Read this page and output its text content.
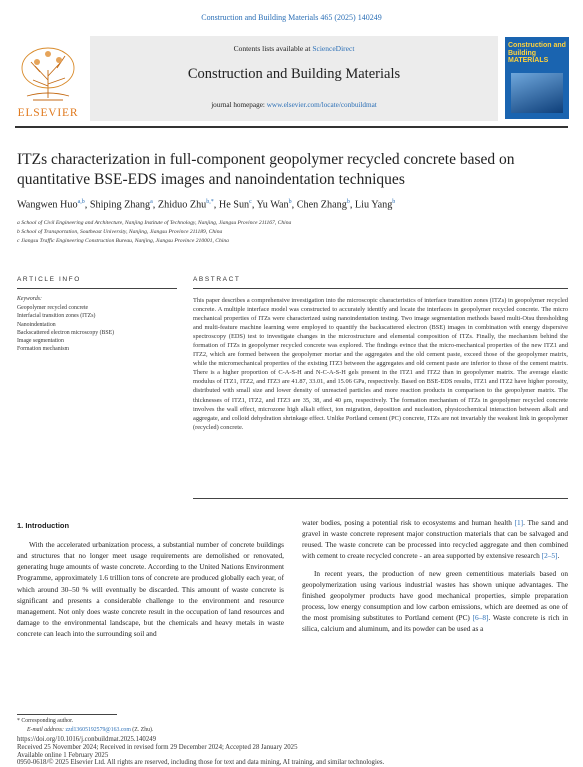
Construction and Building Materials 465 (2025) 140249
ELSEVIER
Contents lists available at ScienceDirect
Construction and Building Materials
journal homepage: www.elsevier.com/locate/conbuildmat
Construction and Building MATERIALS
ITZs characterization in full-component geopolymer recycled concrete based on quantitative BSE-EDS images and nanoindentation techniques
Wangwen Huo$^{a,b}$, Shiping Zhang$^a$, Zhiduo Zhu$^{b,*}$, He Sun$^c$, Yu Wan$^b$, Chen Zhang$^b$, Liu Yang$^b$
a School of Civil Engineering and Architecture, Nanjing Institute of Technology, Nanjing, Jiangsu Province 211167, China
b School of Transportation, Southeast University, Nanjing, Jiangsu Province 211189, China
c Jiangsu Traffic Engineering Construction Bureau, Nanjing, Jiangsu Province 210001, China
ARTICLE INFO	ABSTRACT
Keywords:
Geopolymer recycled concrete
Interfacial transition zones (ITZs)
Nanoindentation
Backscattered electron microscopy (BSE)
Image segmentation
Formation mechanism
This paper describes a comprehensive investigation into the microscopic characteristics of interface transition zones (ITZs) in geopolymer recycled concrete. A multiple interface model was constructed to accurately identify and locate the interfaces in geopolymer recycled concrete. The micro mechanical properties of ITZs were characterized using nanoindentation testing. Two image segmentation methods based multi-Otsu thresholding and multi-feature machine learning were employed to quantify the backscattered electron (BSE) images in combination with energy dispersive spectroscopy (EDS) test to investigate changes in the microstructure and elemental composition of ITZs. Finally, the mechanism behind the formation of ITZs in geopolymer recycled concrete was explored. The findings evince that the micro-mechanical properties of the new ITZ1 and ITZ2, which are formed between the geopolymer mortar and the aggregates and the old cement paste, exceed those of the geopolymer matrix, while the micromechanical properties of the existing ITZ3 between the aggregates and old cement paste are inferior to those of the cement matrix. There is a higher proportion of C-A-S-H and N-C-A-S-H gels present in the ITZ1 and ITZ2 than in geopolymer matrix. The average elastic modulus of ITZ1, ITZ2, and ITZ3 are 41.87, 33.01, and 15.06 GPa, respectively. Based on BSE-EDS results, ITZ1 and ITZ2 have higher porosity, distributed with small size and lower density of unreacted particles and more reaction products in comparison to the geopolymer matrix. The thicknesses of ITZ1, ITZ2, and ITZ3 are 35, 38, and 40 μm, respectively. The formation mechanism of ITZs in geopolymer recycled concrete involves the wall effect, microzone high alkali effect, ion migration, deposition and nucleation, physicochemical interaction between alkali and aggregate, and colloid dehydration shrinkage effect. Unlike Portland cement (PC) concrete, ITZs are not invariably the weakest link in geopolymer (recycled) concrete.
1. Introduction
With the accelerated urbanization process, a substantial number of concrete buildings and structures that no longer meet usage requirements are demolished or renovated, generating huge amounts of waste concrete. According to the United Nations Environment Programme, approximately 1.6 trillion tons of concrete are produced globally each year, of which around 30–50 % will eventually be discarded. This amount of waste concrete is significant and presents a considerable challenge to the environment and resource management. Not only does waste concrete result in the occupation of land resources and damage to the environmental landscape, but the chemicals and heavy metals in waste concrete can leach into the surrounding soil and

water bodies, posing a potential risk to ecosystems and human health [1]. The sand and gravel in waste concrete represent major construction materials that can be salvaged and reused. The waste concrete can be processed into recycled aggregate and then combined with cement to create recycled concrete - an area supported by extensive research [2–5].

In recent years, the production of new green cementitious materials based on geopolymerization using various industrial wastes has shown unique advantages. The finished geopolymer products have good mechanical properties, simple preparation process, low energy consumption and low carbon emissions, which are deemed as one of the most promising substitutes to Portland cement (PC) [6–8]. Waste concrete is rich in silica, calcium and aluminum, and its powder can be used as a

* Corresponding author.
E-mail address: zzd13605192579@163.com (Z. Zhu).
https://doi.org/10.1016/j.conbuildmat.2025.140249
Received 25 November 2024; Received in revised form 29 December 2024; Accepted 28 January 2025
Available online 1 February 2025
0950-0618/© 2025 Elsevier Ltd. All rights are reserved, including those for text and data mining, AI training, and similar technologies.
